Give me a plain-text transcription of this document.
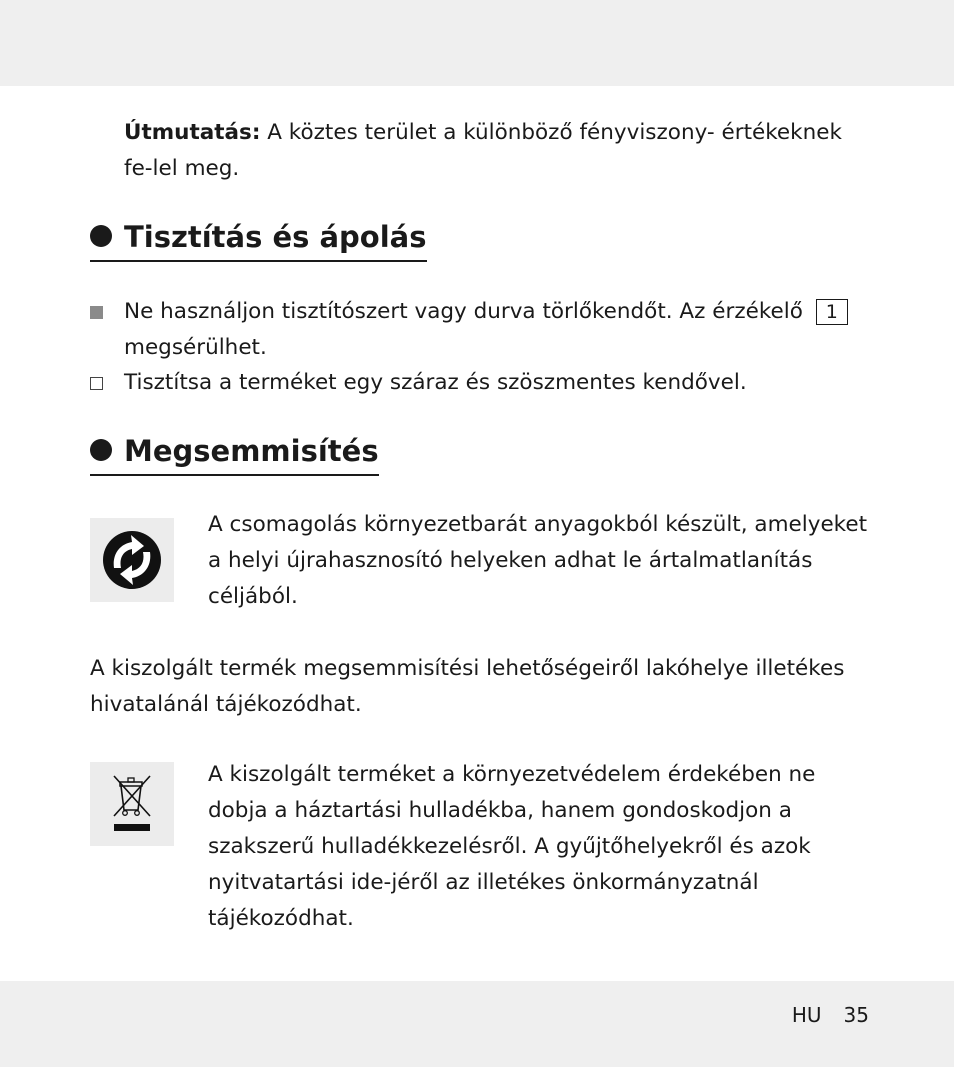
Útmutatás: A köztes terület a különböző fényviszony- értékeknek fe-lel meg.
Tisztítás és ápolás
Ne használjon tisztítószert vagy durva törlőkendőt. Az érzékelő 1
megsérülhet.
Tisztítsa a terméket egy száraz és szöszmentes kendővel.
Megsemmisítés
A csomagolás környezetbarát anyagokból készült, amelyeket a helyi újrahasznosító helyeken adhat le ártalmatlanítás céljából.
A kiszolgált termék megsemmisítési lehetőségeiről lakóhelye illetékes hivatalánál tájékozódhat.
A kiszolgált terméket a környezetvédelem érdekében ne dobja a háztartási hulladékba, hanem gondoskodjon a szakszerű hulladékkezelésről. A gyűjtőhelyekről és azok nyitvatartási ide-jéről az illetékes önkormányzatnál tájékozódhat.
HU 35
